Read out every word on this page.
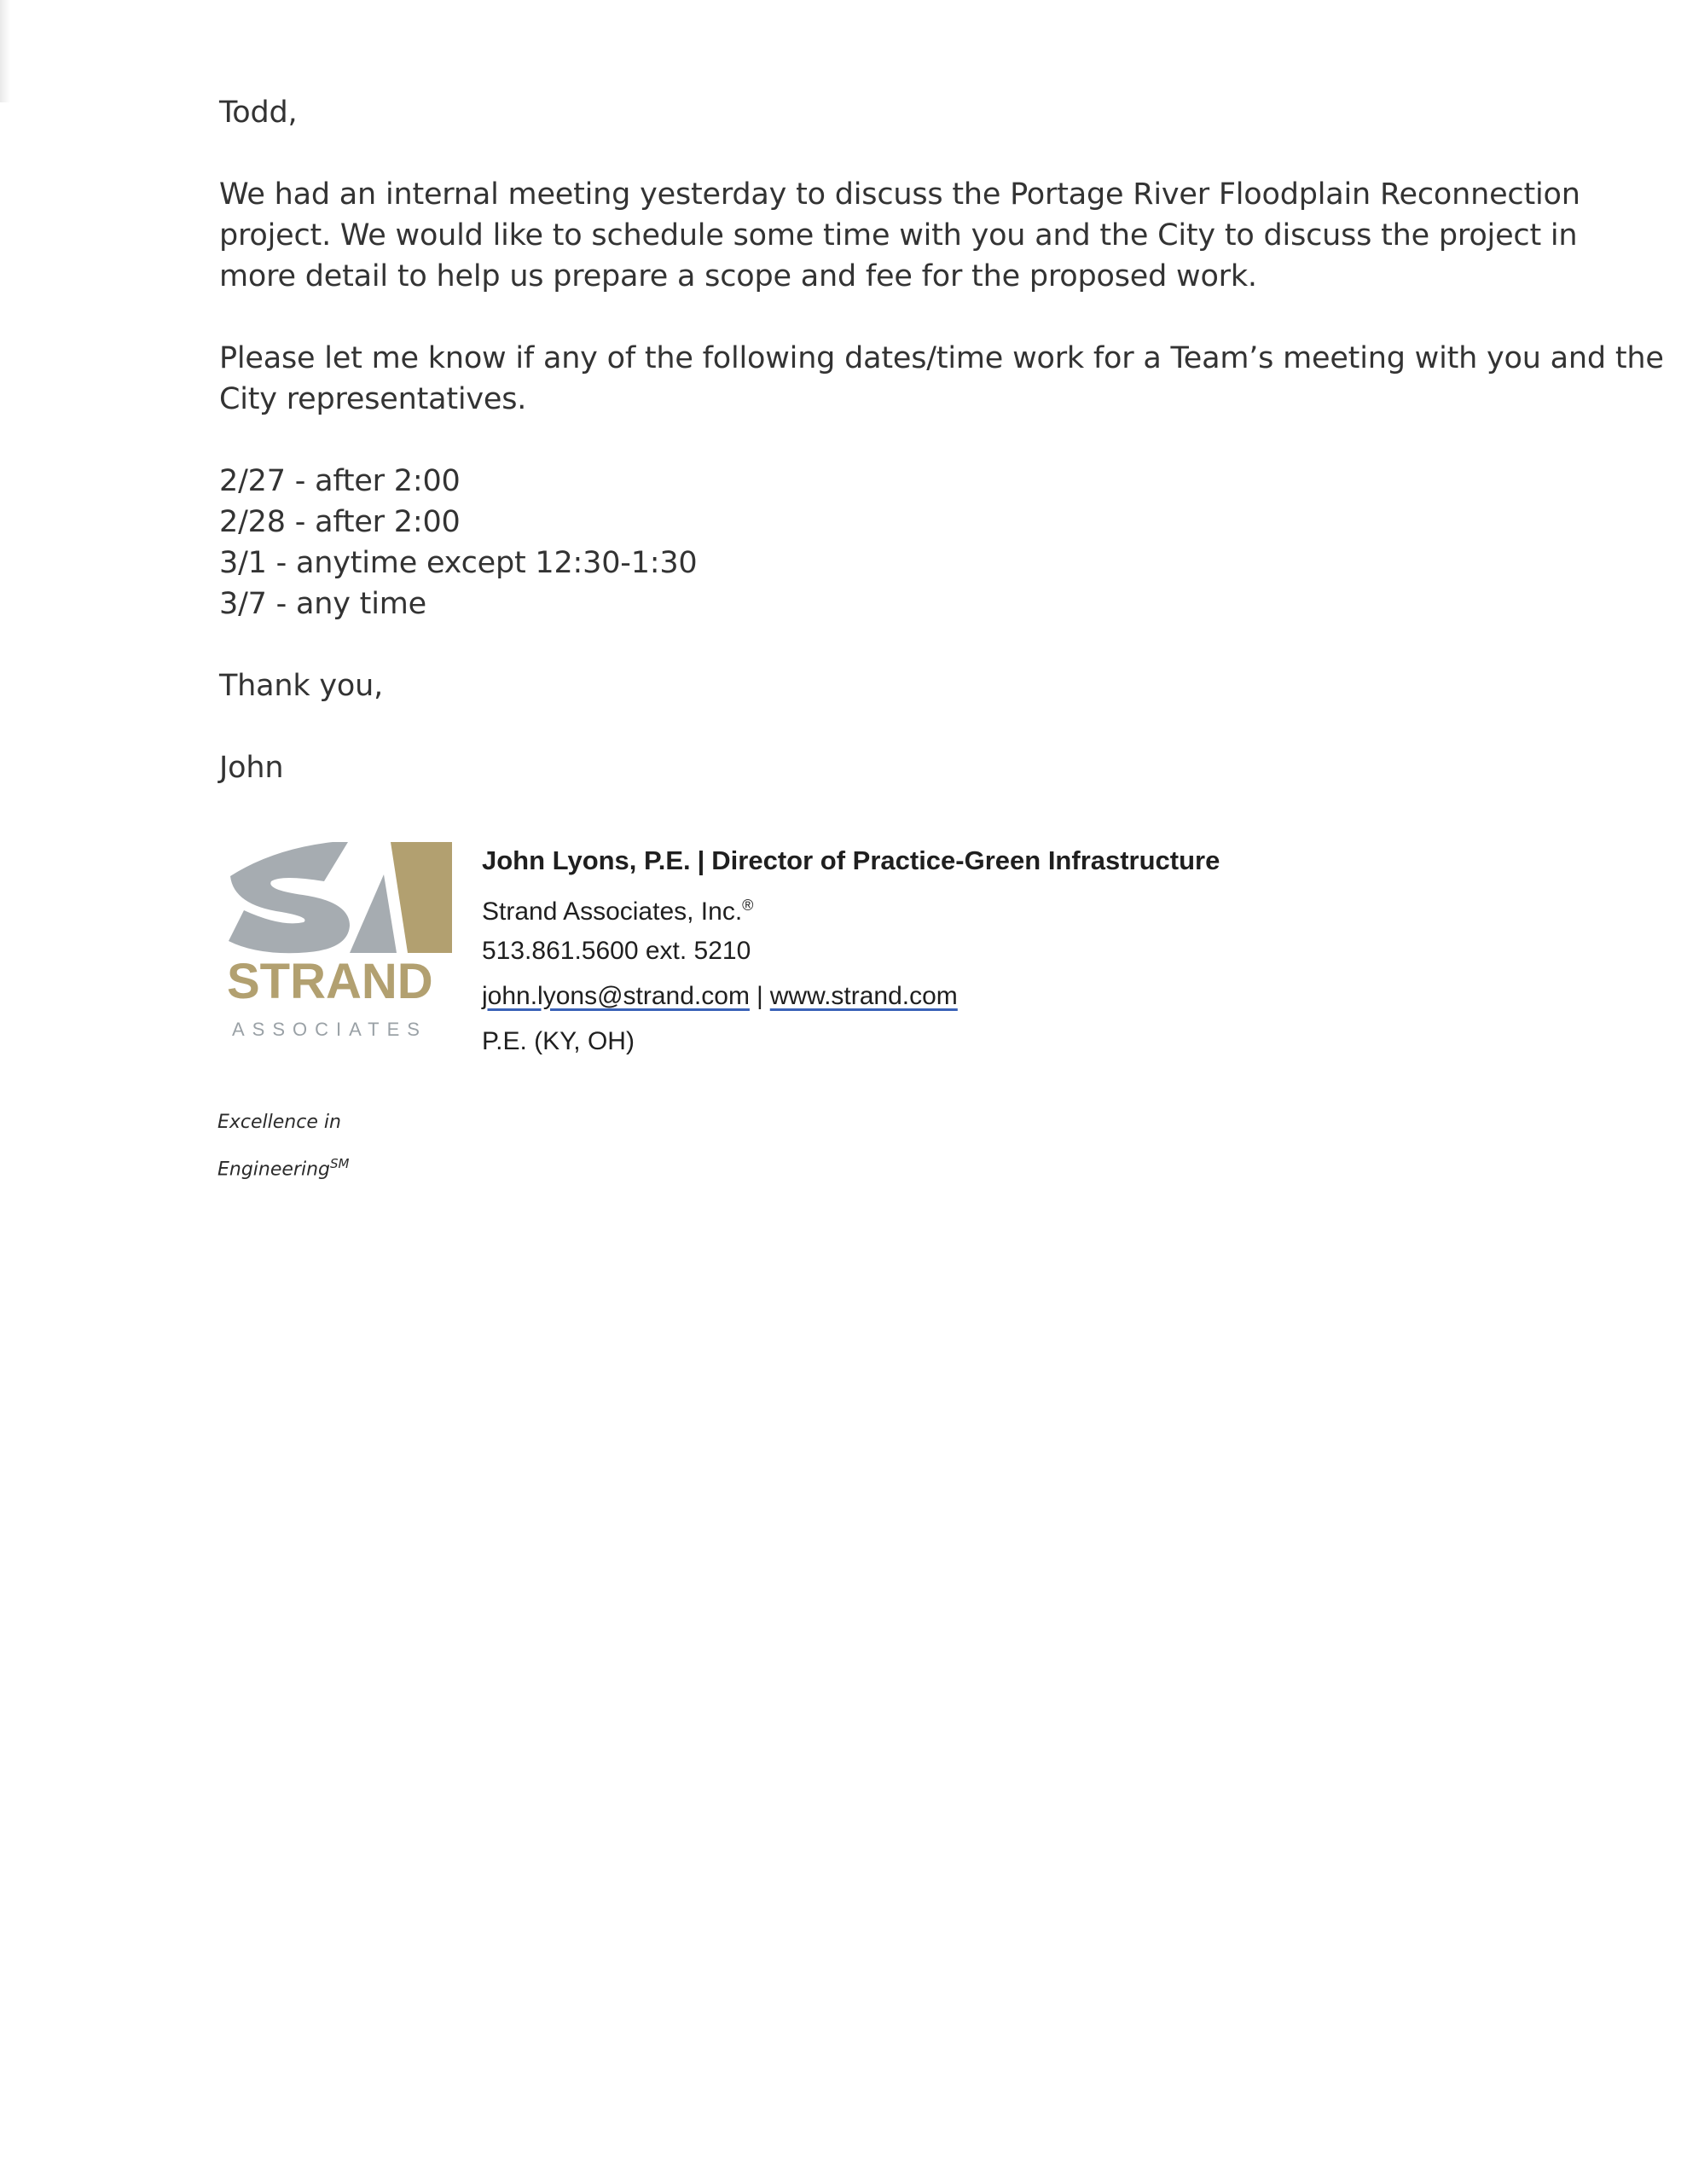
Todd,

We had an internal meeting yesterday to discuss the Portage River Floodplain Reconnection

project. We would like to schedule some time with you and the City to discuss the project in

more detail to help us prepare a scope and fee for the proposed work.

Please let me know if any of the following dates/time work for a Team’s meeting with you and the

City representatives.

2/27 - after 2:00

2/28 - after 2:00

3/1 - anytime except 12:30-1:30

3/7 - any time

Thank you,

John

STRAND
ASSOCIATES

John Lyons, P.E. | Director of Practice-Green Infrastructure

Strand Associates, Inc.®

513.861.5600 ext. 5210

john.lyons@strand.com | www.strand.com

P.E. (KY, OH)

Excellence in
Engineering℠
